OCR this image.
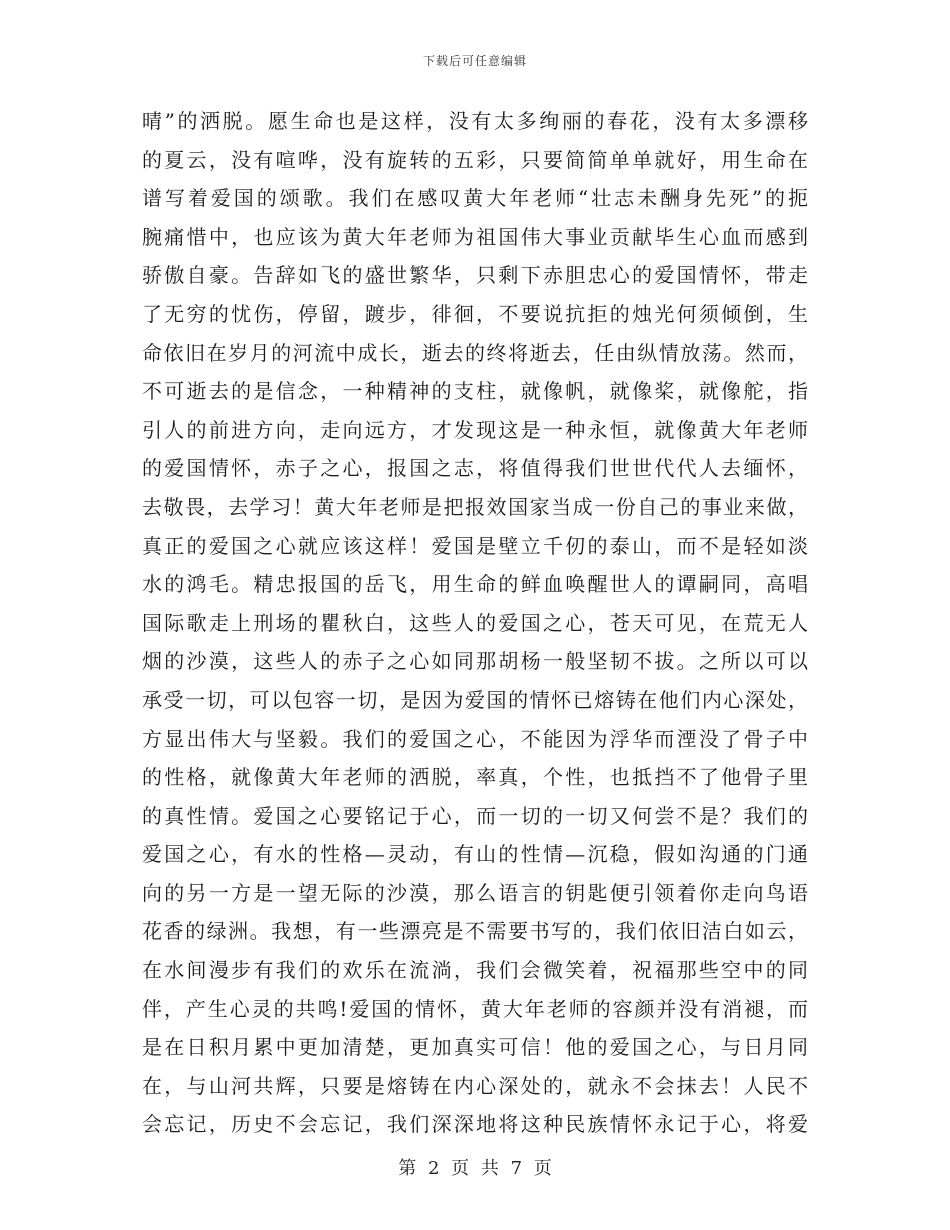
下载后可任意编辑
晴”的洒脱。愿生命也是这样，没有太多绚丽的春花，没有太多漂移
的夏云，没有喧哗，没有旋转的五彩，只要简简单单就好，用生命在
谱写着爱国的颂歌。我们在感叹黄大年老师“壮志未酬身先死”的扼
腕痛惜中，也应该为黄大年老师为祖国伟大事业贡献毕生心血而感到
骄傲自豪。告辞如飞的盛世繁华，只剩下赤胆忠心的爱国情怀，带走
了无穷的忧伤，停留，踱步，徘徊，不要说抗拒的烛光何须倾倒，生
命依旧在岁月的河流中成长，逝去的终将逝去，任由纵情放荡。然而，
不可逝去的是信念，一种精神的支柱，就像帆，就像桨，就像舵，指
引人的前进方向，走向远方，才发现这是一种永恒，就像黄大年老师
的爱国情怀，赤子之心，报国之志，将值得我们世世代代人去缅怀，
去敬畏，去学习！黄大年老师是把报效国家当成一份自己的事业来做，
真正的爱国之心就应该这样！爱国是壁立千仞的泰山，而不是轻如淡
水的鸿毛。精忠报国的岳飞，用生命的鲜血唤醒世人的谭嗣同，高唱
国际歌走上刑场的瞿秋白，这些人的爱国之心，苍天可见，在荒无人
烟的沙漠，这些人的赤子之心如同那胡杨一般坚韧不拔。之所以可以
承受一切，可以包容一切，是因为爱国的情怀已熔铸在他们内心深处，
方显出伟大与坚毅。我们的爱国之心，不能因为浮华而湮没了骨子中
的性格，就像黄大年老师的洒脱，率真，个性，也抵挡不了他骨子里
的真性情。爱国之心要铭记于心，而一切的一切又何尝不是？我们的
爱国之心，有水的性格—灵动，有山的性情—沉稳，假如沟通的门通
向的另一方是一望无际的沙漠，那么语言的钥匙便引领着你走向鸟语
花香的绿洲。我想，有一些漂亮是不需要书写的，我们依旧洁白如云，
在水间漫步有我们的欢乐在流淌，我们会微笑着，祝福那些空中的同
伴，产生心灵的共鸣!爱国的情怀，黄大年老师的容颜并没有消褪，而
是在日积月累中更加清楚，更加真实可信！他的爱国之心，与日月同
在，与山河共辉，只要是熔铸在内心深处的，就永不会抹去！人民不
会忘记，历史不会忘记，我们深深地将这种民族情怀永记于心，将爱
第 2 页 共 7 页
